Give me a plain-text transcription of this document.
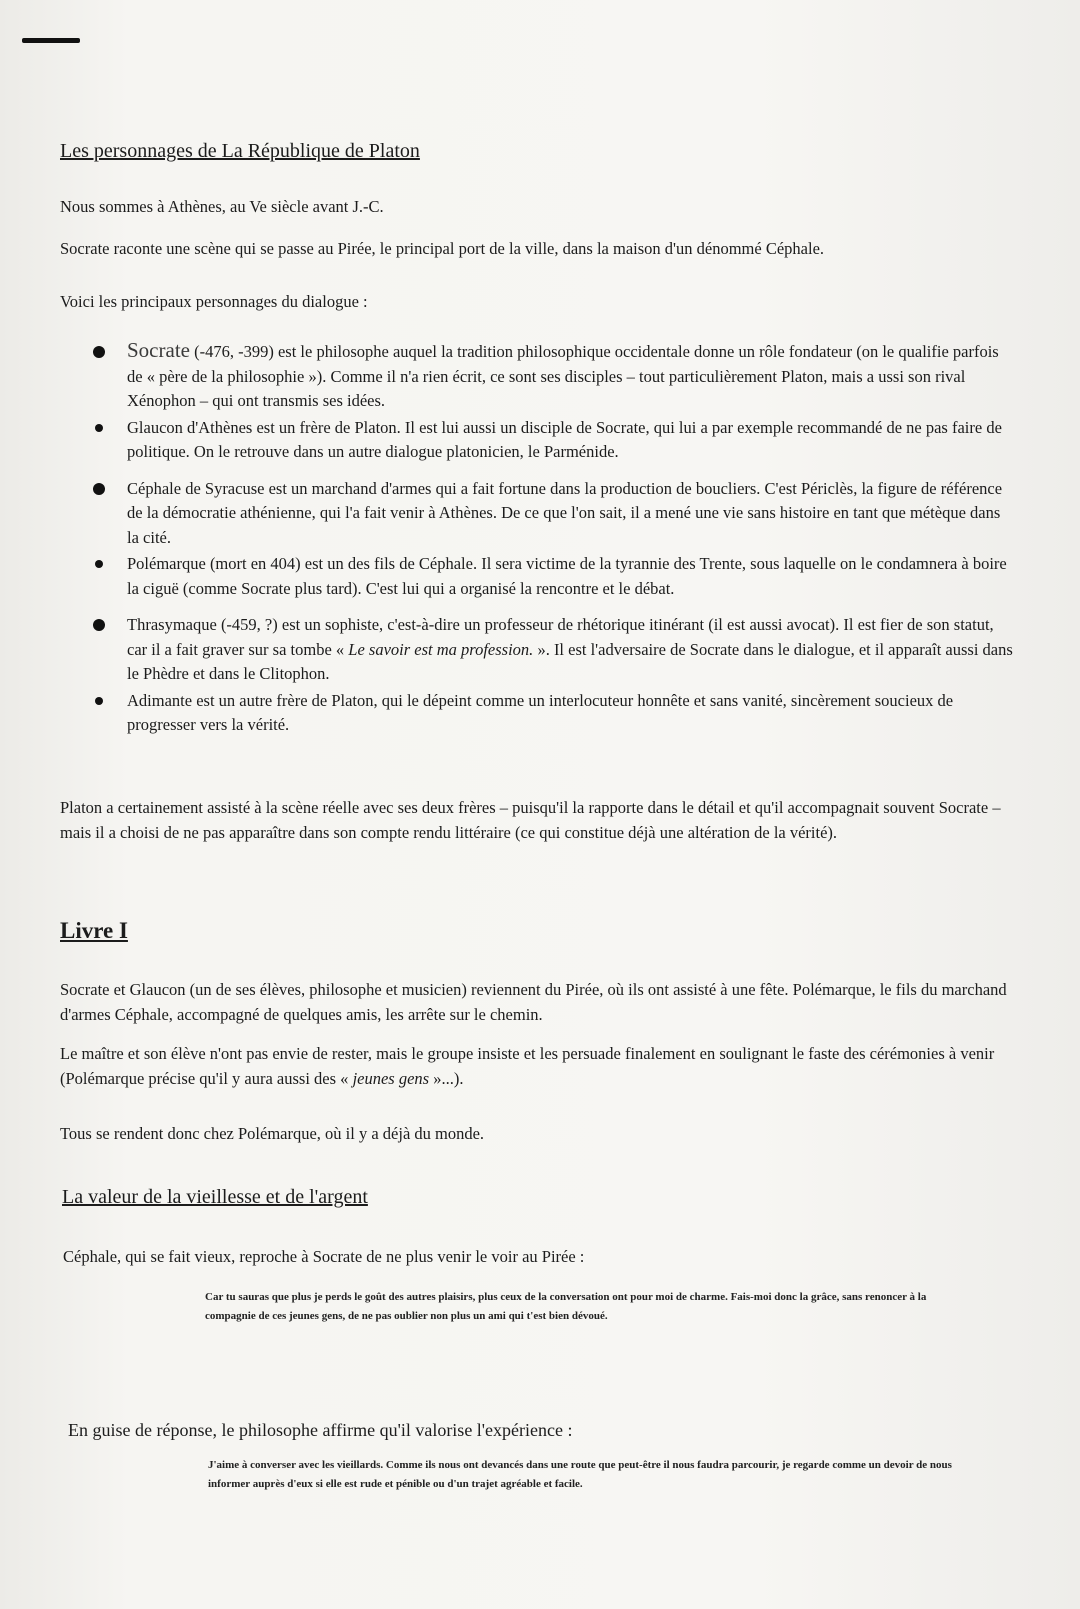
Les personnages de La République de Platon
Nous sommes à Athènes, au Ve siècle avant J.-C.
Socrate raconte une scène qui se passe au Pirée, le principal port de la ville, dans la maison d'un dénommé Céphale.
Voici les principaux personnages du dialogue :
Socrate (-476, -399) est le philosophe auquel la tradition philosophique occidentale donne un rôle fondateur (on le qualifie parfois de « père de la philosophie »). Comme il n'a rien écrit, ce sont ses disciples – tout particulièrement Platon, mais a ussi son rival Xénophon – qui ont transmis ses idées.
Glaucon d'Athènes est un frère de Platon. Il est lui aussi un disciple de Socrate, qui lui a par exemple recommandé de ne pas faire de politique. On le retrouve dans un autre dialogue platonicien, le Parménide.
Céphale de Syracuse est un marchand d'armes qui a fait fortune dans la production de boucliers. C'est Périclès, la figure de référence de la démocratie athénienne, qui l'a fait venir à Athènes. De ce que l'on sait, il a mené une vie sans histoire en tant que métèque dans la cité.
Polémarque (mort en 404) est un des fils de Céphale. Il sera victime de la tyrannie des Trente, sous laquelle on le condamnera à boire la ciguë (comme Socrate plus tard). C'est lui qui a organisé la rencontre et le débat.
Thrasymaque (-459, ?) est un sophiste, c'est-à-dire un professeur de rhétorique itinérant (il est aussi avocat). Il est fier de son statut, car il a fait graver sur sa tombe « Le savoir est ma profession. ». Il est l'adversaire de Socrate dans le dialogue, et il apparaît aussi dans le Phèdre et dans le Clitophon.
Adimante est un autre frère de Platon, qui le dépeint comme un interlocuteur honnête et sans vanité, sincèrement soucieux de progresser vers la vérité.
Platon a certainement assisté à la scène réelle avec ses deux frères – puisqu'il la rapporte dans le détail et qu'il accompagnait souvent Socrate – mais il a choisi de ne pas apparaître dans son compte rendu littéraire (ce qui constitue déjà une altération de la vérité).
Livre I
Socrate et Glaucon (un de ses élèves, philosophe et musicien) reviennent du Pirée, où ils ont assisté à une fête. Polémarque, le fils du marchand d'armes Céphale, accompagné de quelques amis, les arrête sur le chemin.
Le maître et son élève n'ont pas envie de rester, mais le groupe insiste et les persuade finalement en soulignant le faste des cérémonies à venir (Polémarque précise qu'il y aura aussi des « jeunes gens »...).
Tous se rendent donc chez Polémarque, où il y a déjà du monde.
La valeur de la vieillesse et de l'argent
Céphale, qui se fait vieux, reproche à Socrate de ne plus venir le voir au Pirée :
Car tu sauras que plus je perds le goût des autres plaisirs, plus ceux de la conversation ont pour moi de charme. Fais-moi donc la grâce, sans renoncer à la compagnie de ces jeunes gens, de ne pas oublier non plus un ami qui t'est bien dévoué.
En guise de réponse, le philosophe affirme qu'il valorise l'expérience :
J'aime à converser avec les vieillards. Comme ils nous ont devancés dans une route que peut-être il nous faudra parcourir, je regarde comme un devoir de nous informer auprès d'eux si elle est rude et pénible ou d'un trajet agréable et facile.
